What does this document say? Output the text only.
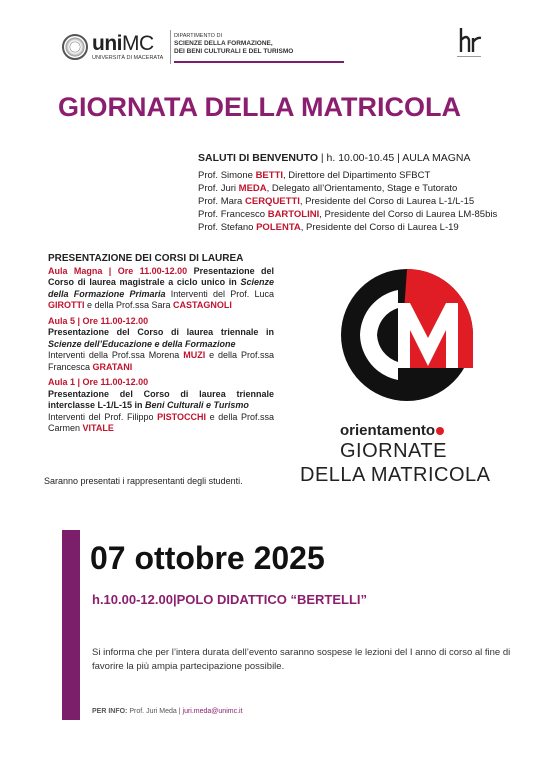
uniMC
UNIVERSITÀ DI MACERATA
DIPARTIMENTO DI
SCIENZE DELLA FORMAZIONE,
DEI BENI CULTURALI E DEL TURISMO
GIORNATA DELLA MATRICOLA
SALUTI DI BENVENUTO | h. 10.00-10.45 | AULA MAGNA
Prof. Simone BETTI, Direttore del Dipartimento SFBCT
Prof. Juri MEDA, Delegato all’Orientamento, Stage e Tutorato
Prof. Mara CERQUETTI, Presidente del Corso di Laurea L-1/L-15
Prof. Francesco BARTOLINI, Presidente del Corso di Laurea LM-85bis
Prof. Stefano POLENTA, Presidente del Corso di Laurea L-19
PRESENTAZIONE DEI CORSI DI LAUREA

Aula Magna | Ore 11.00-12.00 Presentazione del Corso di laurea magistrale a ciclo unico in Scienze della Formazione Primaria Interventi del Prof. Luca GIROTTI e della Prof.ssa Sara CASTAGNOLI

Aula 5 | Ore 11.00-12.00
Presentazione del Corso di laurea triennale in Scienze dell’Educazione e della Formazione
Interventi della Prof.ssa Morena MUZI e della Prof.ssa Francesca GRATANI

Aula 1 | Ore 11.00-12.00
Presentazione del Corso di laurea triennale interclasse L-1/L-15 in Beni Culturali e Turismo
Interventi del Prof. Filippo PISTOCCHI e della Prof.ssa Carmen VITALE

Saranno presentati i rappresentanti degli studenti.
orientamento
GIORNATE
DELLA MATRICOLA
07 ottobre 2025
h.10.00-12.00|POLO DIDATTICO “BERTELLI”
Si informa che per l’intera durata dell’evento saranno sospese le lezioni del I anno di corso al fine di favorire la più ampia partecipazione possibile.
PER INFO: Prof. Juri Meda | juri.meda@unimc.it
